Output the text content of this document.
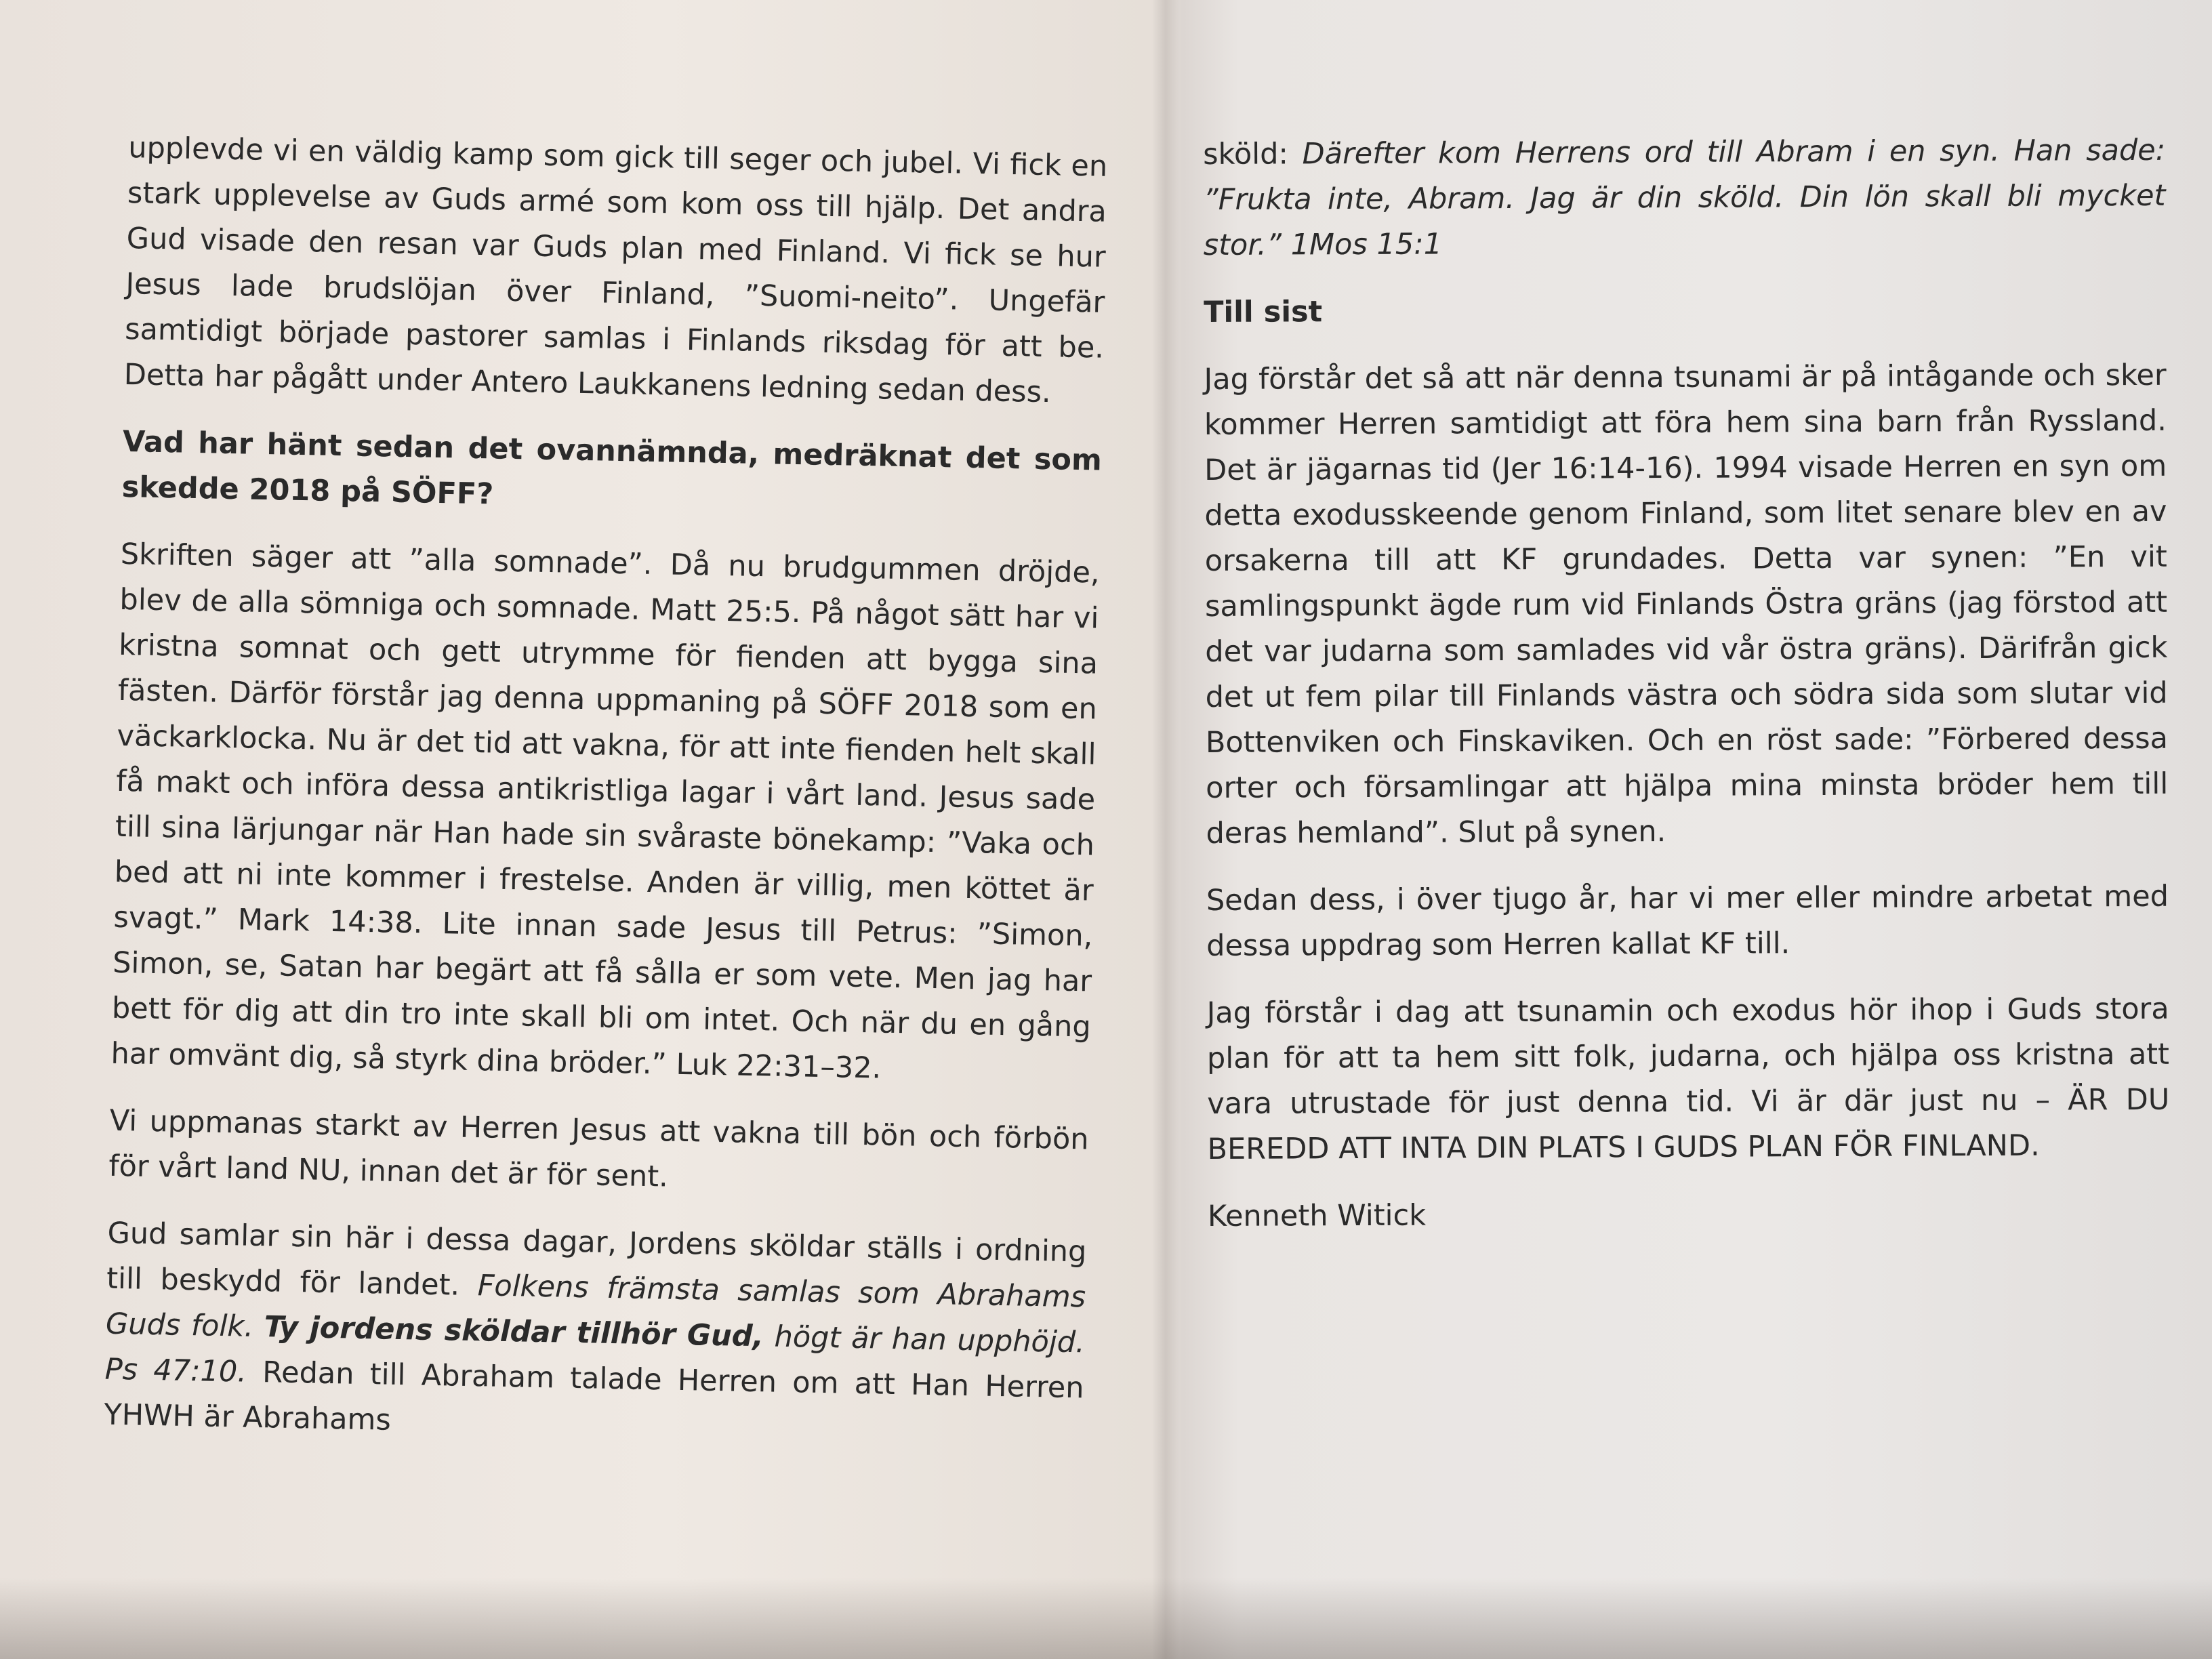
upplevde vi en väldig kamp som gick till seger och jubel. Vi fick en stark upplevelse av Guds armé som kom oss till hjälp. Det andra Gud visade den resan var Guds plan med Finland. Vi fick se hur Jesus lade brudslöjan över Finland, ”Suomi-neito”. Ungefär samtidigt började pastorer samlas i Finlands riksdag för att be. Detta har pågått under Antero Laukkanens ledning sedan dess.

Vad har hänt sedan det ovannämnda, medräknat det som skedde 2018 på SÖFF?

Skriften säger att ”alla somnade”. Då nu brudgummen dröjde, blev de alla sömniga och somnade. Matt 25:5. På något sätt har vi kristna somnat och gett utrymme för fienden att bygga sina fästen. Därför förstår jag denna uppmaning på SÖFF 2018 som en väckarklocka. Nu är det tid att vakna, för att inte fienden helt skall få makt och införa dessa antikristliga lagar i vårt land. Jesus sade till sina lärjungar när Han hade sin svåraste bönekamp: ”Vaka och bed att ni inte kommer i frestelse. Anden är villig, men köttet är svagt.” Mark 14:38. Lite innan sade Jesus till Petrus: ”Simon, Simon, se, Satan har begärt att få sålla er som vete. Men jag har bett för dig att din tro inte skall bli om intet. Och när du en gång har omvänt dig, så styrk dina bröder.” Luk 22:31–32.

Vi uppmanas starkt av Herren Jesus att vakna till bön och förbön för vårt land NU, innan det är för sent.

Gud samlar sin här i dessa dagar, Jordens sköldar ställs i ordning till beskydd för landet. Folkens främsta samlas som Abrahams Guds folk. Ty jordens sköldar tillhör Gud, högt är han upphöjd. Ps 47:10. Redan till Abraham talade Herren om att Han Herren YHWH är Abrahams

sköld: Därefter kom Herrens ord till Abram i en syn. Han sade: ”Frukta inte, Abram. Jag är din sköld. Din lön skall bli mycket stor.” 1Mos 15:1

Till sist

Jag förstår det så att när denna tsunami är på intågande och sker kommer Herren samtidigt att föra hem sina barn från Ryssland. Det är jägarnas tid (Jer 16:14-16). 1994 visade Herren en syn om detta exodusskeende genom Finland, som litet senare blev en av orsakerna till att KF grundades. Detta var synen: ”En vit samlingspunkt ägde rum vid Finlands Östra gräns (jag förstod att det var judarna som samlades vid vår östra gräns). Därifrån gick det ut fem pilar till Finlands västra och södra sida som slutar vid Bottenviken och Finskaviken. Och en röst sade: ”Förbered dessa orter och församlingar att hjälpa mina minsta bröder hem till deras hemland”. Slut på synen.

Sedan dess, i över tjugo år, har vi mer eller mindre arbetat med dessa uppdrag som Herren kallat KF till.

Jag förstår i dag att tsunamin och exodus hör ihop i Guds stora plan för att ta hem sitt folk, judarna, och hjälpa oss kristna att vara utrustade för just denna tid. Vi är där just nu – ÄR DU BEREDD ATT INTA DIN PLATS I GUDS PLAN FÖR FINLAND.

Kenneth Witick
